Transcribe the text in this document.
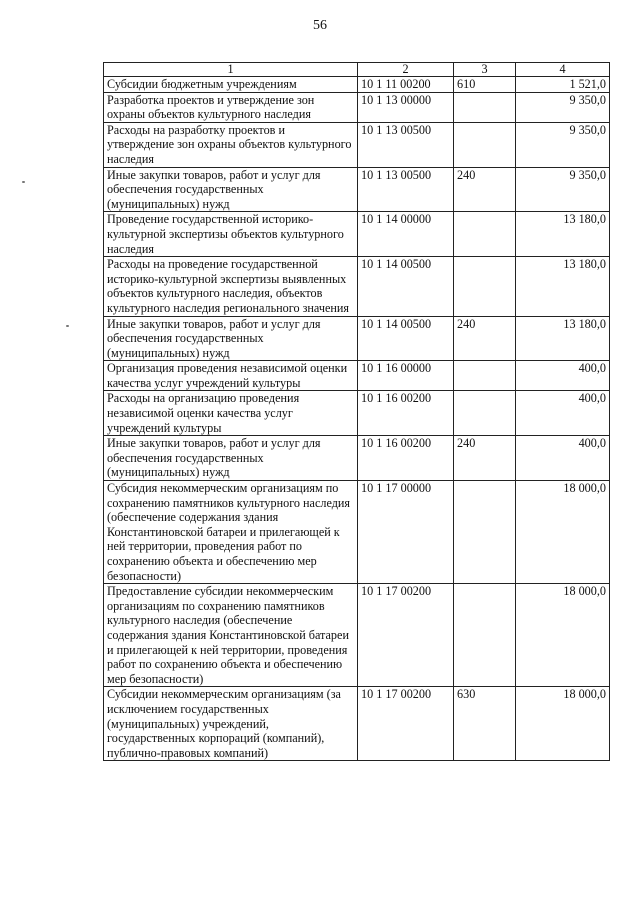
56
1	2	3	4
Субсидии бюджетным учреждениям	10 1 11 00200	610	1 521,0
Разработка проектов и утверждение зон охраны объектов культурного наследия	10 1 13 00000		9 350,0
Расходы на разработку проектов и утверждение зон охраны объектов культурного наследия	10 1 13 00500		9 350,0
Иные закупки товаров, работ и услуг для обеспечения государственных (муниципальных) нужд	10 1 13 00500	240	9 350,0
Проведение государственной историко-культурной экспертизы объектов культурного наследия	10 1 14 00000		13 180,0
Расходы на проведение государственной историко-культурной экспертизы выявленных объектов культурного наследия, объектов культурного наследия регионального значения	10 1 14 00500		13 180,0
Иные закупки товаров, работ и услуг для обеспечения государственных (муниципальных) нужд	10 1 14 00500	240	13 180,0
Организация проведения независимой оценки качества услуг учреждений культуры	10 1 16 00000		400,0
Расходы на организацию проведения независимой оценки качества услуг учреждений культуры	10 1 16 00200		400,0
Иные закупки товаров, работ и услуг для обеспечения государственных (муниципальных) нужд	10 1 16 00200	240	400,0
Субсидия некоммерческим организациям по сохранению памятников культурного наследия (обеспечение содержания здания Константиновской батареи и прилегающей к ней территории, проведения работ по сохранению объекта и обеспечению мер безопасности)	10 1 17 00000		18 000,0
Предоставление субсидии некоммерческим организациям по сохранению памятников культурного наследия (обеспечение содержания здания Константиновской батареи и прилегающей к ней территории, проведения работ по сохранению объекта и обеспечению мер безопасности)	10 1 17 00200		18 000,0
Субсидии некоммерческим организациям (за исключением государственных (муниципальных) учреждений, государственных корпораций (компаний), публично-правовых компаний)	10 1 17 00200	630	18 000,0
